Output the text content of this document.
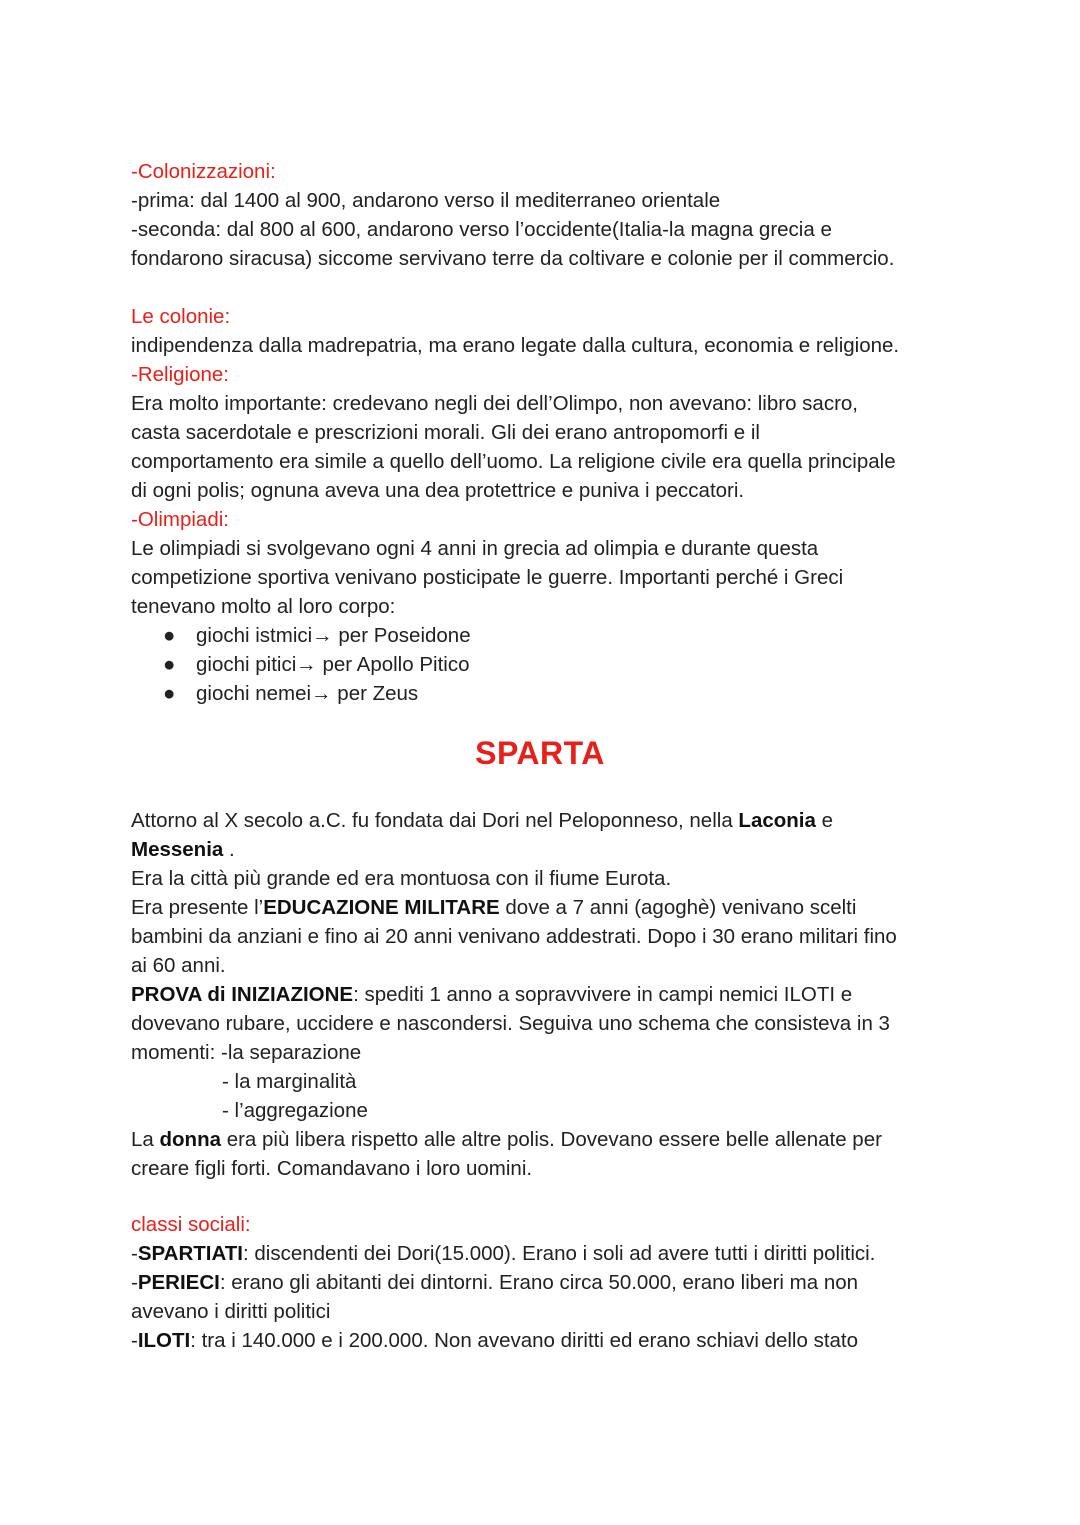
-Colonizzazioni:
-prima: dal 1400 al 900, andarono verso il mediterraneo orientale
-seconda: dal 800 al 600, andarono verso l’occidente(Italia-la magna grecia e
fondarono siracusa) siccome servivano terre da coltivare e colonie per il commercio.
Le colonie:
indipendenza dalla madrepatria, ma erano legate dalla cultura, economia e religione.
-Religione:
Era molto importante: credevano negli dei dell’Olimpo, non avevano: libro sacro,
casta sacerdotale e prescrizioni morali. Gli dei erano antropomorfi e il
comportamento era simile a quello dell’uomo. La religione civile era quella principale
di ogni polis; ognuna aveva una dea protettrice e puniva i peccatori.
-Olimpiadi:
Le olimpiadi si svolgevano ogni 4 anni in grecia ad olimpia e durante questa
competizione sportiva venivano posticipate le guerre. Importanti perché i Greci
tenevano molto al loro corpo:
● giochi istmici→ per Poseidone
● giochi pitici→ per Apollo Pitico
● giochi nemei→ per Zeus
SPARTA
Attorno al X secolo a.C. fu fondata dai Dori nel Peloponneso, nella Laconia e
Messenia .
Era la città più grande ed era montuosa con il fiume Eurota.
Era presente l’EDUCAZIONE MILITARE dove a 7 anni (agoghè) venivano scelti
bambini da anziani e fino ai 20 anni venivano addestrati. Dopo i 30 erano militari fino
ai 60 anni.
PROVA di INIZIAZIONE: spediti 1 anno a sopravvivere in campi nemici ILOTI e
dovevano rubare, uccidere e nascondersi. Seguiva uno schema che consisteva in 3
momenti: -la separazione
- la marginalità
- l’aggregazione
La donna era più libera rispetto alle altre polis. Dovevano essere belle allenate per
creare figli forti. Comandavano i loro uomini.
classi sociali:
-SPARTIATI: discendenti dei Dori(15.000). Erano i soli ad avere tutti i diritti politici.
-PERIECI: erano gli abitanti dei dintorni. Erano circa 50.000, erano liberi ma non
avevano i diritti politici
-ILOTI: tra i 140.000 e i 200.000. Non avevano diritti ed erano schiavi dello stato
